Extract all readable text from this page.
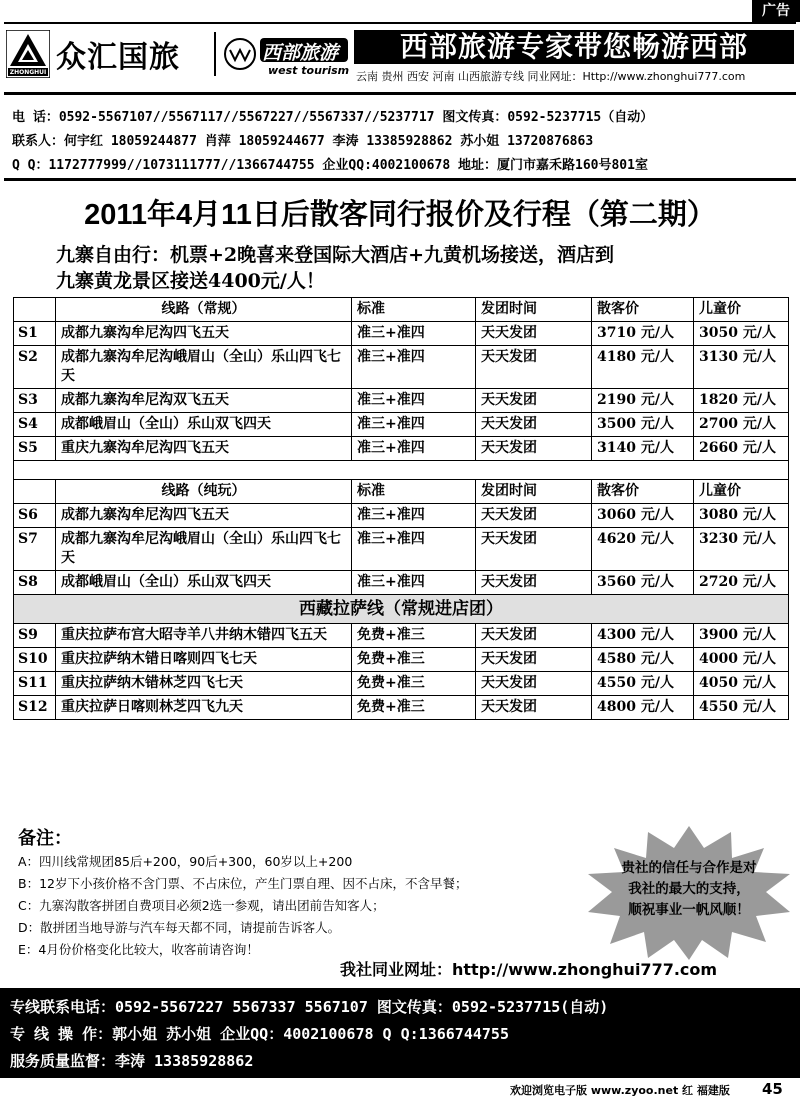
广告
ZHONGHUI 众汇国旅	西部旅游
west tourism
西部旅游专家带您畅游西部
云南 贵州 西安 河南 山西旅游专线 同业网址：Http://www.zhonghui777.com
电 话：0592-5567107//5567117//5567227//5567337//5237717 图文传真：0592-5237715（自动）
联系人：何宇红 18059244877 肖萍 18059244677 李涛 13385928862 苏小姐 13720876863
Q Q：1172777999//1073111777//1366744755 企业QQ:4002100678 地址：厦门市嘉禾路160号801室
2011年4月11日后散客同行报价及行程（第二期）
九寨自由行：机票+2晚喜来登国际大酒店+九黄机场接送，酒店到
九寨黄龙景区接送4400元/人！
	线路（常规）	标准	发团时间	散客价	儿童价
S1	成都九寨沟牟尼沟四飞五天	准三+准四	天天发团	3710 元/人	3050 元/人
S2	成都九寨沟牟尼沟峨眉山（全山）乐山四飞七天	准三+准四	天天发团	4180 元/人	3130 元/人
S3	成都九寨沟牟尼沟双飞五天	准三+准四	天天发团	2190 元/人	1820 元/人
S4	成都峨眉山（全山）乐山双飞四天	准三+准四	天天发团	3500 元/人	2700 元/人
S5	重庆九寨沟牟尼沟四飞五天	准三+准四	天天发团	3140 元/人	2660 元/人

	线路（纯玩）	标准	发团时间	散客价	儿童价
S6	成都九寨沟牟尼沟四飞五天	准三+准四	天天发团	3060 元/人	3080 元/人
S7	成都九寨沟牟尼沟峨眉山（全山）乐山四飞七天	准三+准四	天天发团	4620 元/人	3230 元/人
S8	成都峨眉山（全山）乐山双飞四天	准三+准四	天天发团	3560 元/人	2720 元/人
西藏拉萨线（常规进店团）					
S9	重庆拉萨布宫大昭寺羊八井纳木错四飞五天	免费+准三	天天发团	4300 元/人	3900 元/人
S10	重庆拉萨纳木错日喀则四飞七天	免费+准三	天天发团	4580 元/人	4000 元/人
S11	重庆拉萨纳木错林芝四飞七天	免费+准三	天天发团	4550 元/人	4050 元/人
S12	重庆拉萨日喀则林芝四飞九天	免费+准三	天天发团	4800 元/人	4550 元/人
备注：
A：四川线常规团85后+200，90后+300，60岁以上+200
B：12岁下小孩价格不含门票、不占床位，产生门票自理、因不占床，不含早餐；
C：九寨沟散客拼团自费项目必须2选一参观，请出团前告知客人；
D：散拼团当地导游与汽车每天都不同，请提前告诉客人。
E：4月份价格变化比较大，收客前请咨询！
贵社的信任与合作是对
我社的最大的支持，
顺祝事业一帆风顺！
我社同业网址：http://www.zhonghui777.com
专线联系电话：0592-5567227 5567337 5567107 图文传真：0592-5237715(自动)
专 线 操 作：郭小姐 苏小姐 企业QQ：4002100678 Q Q:1366744755
服务质量监督：李涛 13385928862
欢迎浏览电子版 www.zyoo.net 红 福建版 45
